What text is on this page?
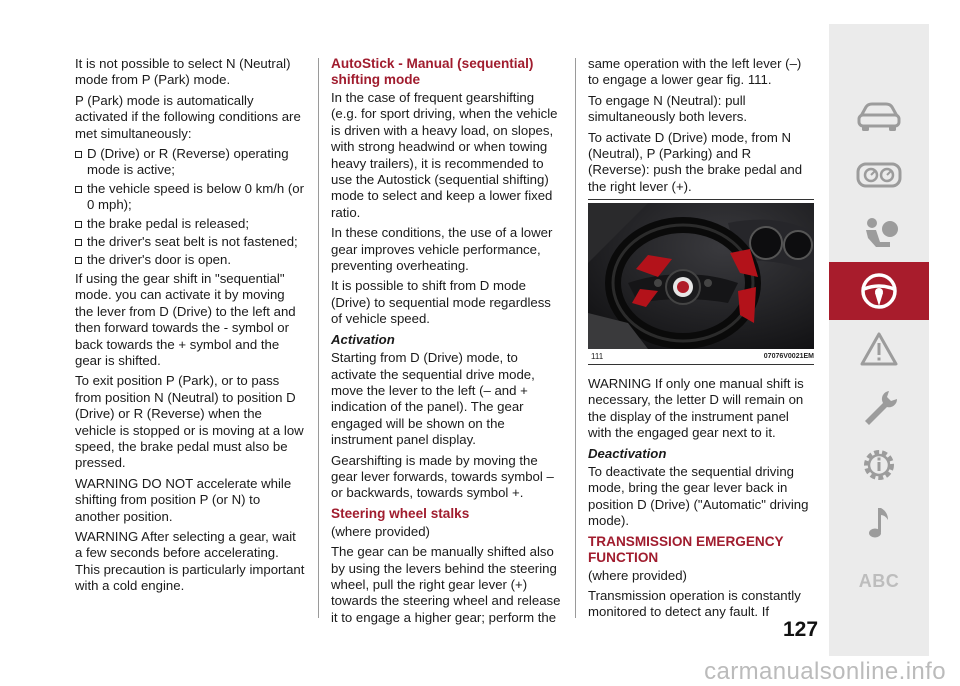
It is not possible to select N (Neutral) mode from P (Park) mode.

P (Park) mode is automatically activated if the following conditions are met simultaneously:

D (Drive) or R (Reverse) operating mode is active;

the vehicle speed is below 0 km/h (or 0 mph);

the brake pedal is released;

the driver's seat belt is not fastened;

the driver's door is open.

If using the gear shift in "sequential" mode. you can activate it by moving the lever from D (Drive) to the left and then forward towards the - symbol or back towards the + symbol and the gear is shifted.

To exit position P (Park), or to pass from position N (Neutral) to position D (Drive) or R (Reverse) when the vehicle is stopped or is moving at a low speed, the brake pedal must also be pressed.

WARNING DO NOT accelerate while shifting from position P (or N) to another position.

WARNING After selecting a gear, wait a few seconds before accelerating. This precaution is particularly important with a cold engine.

AutoStick - Manual (sequential) shifting mode

In the case of frequent gearshifting (e.g. for sport driving, when the vehicle is driven with a heavy load, on slopes, with strong headwind or when towing heavy trailers), it is recommended to use the Autostick (sequential shifting) mode to select and keep a lower fixed ratio.

In these conditions, the use of a lower gear improves vehicle performance, preventing overheating.

It is possible to shift from D mode (Drive) to sequential mode regardless of vehicle speed.

Activation

Starting from D (Drive) mode, to activate the sequential drive mode, move the lever to the left (– and + indication of the panel). The gear engaged will be shown on the instrument panel display.

Gearshifting is made by moving the gear lever forwards, towards symbol – or backwards, towards symbol +.

Steering wheel stalks

(where provided)

The gear can be manually shifted also by using the levers behind the steering wheel, pull the right gear lever (+) towards the steering wheel and release it to engage a higher gear; perform the

same operation with the left lever (–) to engage a lower gear fig. 111.

To engage N (Neutral): pull simultaneously both levers.

To activate D (Drive) mode, from N (Neutral), P (Parking) and R (Reverse): push the brake pedal and the right lever (+).

111	07076V0021EM

WARNING If only one manual shift is necessary, the letter D will remain on the display of the instrument panel with the engaged gear next to it.

Deactivation

To deactivate the sequential driving mode, bring the gear lever back in position D (Drive) ("Automatic" driving mode).

TRANSMISSION EMERGENCY FUNCTION

(where provided)

Transmission operation is constantly monitored to detect any fault. If

127
ABC
carmanualsonline.info
